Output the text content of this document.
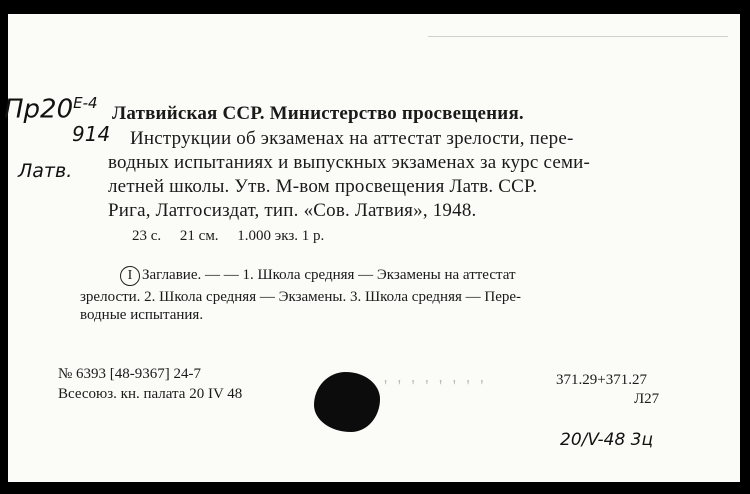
$Пр20^{Е-4}$
914
Латв.
Латвийская ССР. Министерство просвещения.
Инструкции об экзаменах на аттестат зрелости, пере-
водных испытаниях и выпускных экзаменах за курс семи-
летней школы. Утв. М-вом просвещения Латв. ССР.
Рига, Латгосиздат, тип. «Сов. Латвия», 1948.
23 с.     21 см.     1.000 экз. 1 р.
I Заглавие. — — 1. Школа средняя — Экзамены на аттестат
зрелости. 2. Школа средняя — Экзамены. 3. Школа средняя — Пере-
водные испытания.
№ 6393 [48-9367] 24-7
Всесоюз. кн. палата 20 IV 48	' ' ' ' ' ' ' '	371.29+371.27
Л27
20/V-48 3ц
